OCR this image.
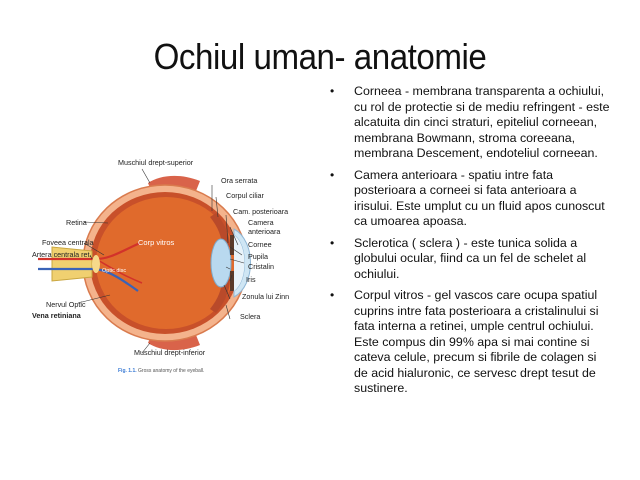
Ochiul uman- anatomie
Muschiul drept-superior
Ora serrata
Corpul ciliar
Cam. posterioara
Camera
anterioara
Cornee
Pupila
Cristalin
Iris
Zonula lui Zinn
Sclera
Retina
Foveea centrala
Artera centrala ret.
Corp vitros
Optic disc
Nervul Optic
Vena retiniana
Muschiul drept-inferior
Fig. 1.1. Gross anatomy of the eyeball.
• Corneea - membrana transparenta a ochiului, cu rol de protectie si de mediu refringent - este alcatuita din cinci straturi, epiteliul corneean, membrana Bowmann, stroma coreeana, membrana Descement, endoteliul corneean.
• Camera anterioara - spatiu intre fata posterioara a corneei si fata anterioara a irisului. Este umplut cu un fluid apos cunoscut ca umoarea apoasa.
• Sclerotica ( sclera ) - este tunica solida a globului ocular, fiind ca un fel de schelet al ochiului.
• Corpul vitros - gel vascos care ocupa spatiul cuprins intre fata posterioara a cristalinului si fata interna a retinei, umple centrul ochiului. Este compus din 99% apa si mai contine si cateva celule, precum si fibrile de colagen si de acid hialuronic, ce servesc drept tesut de sustinere.
